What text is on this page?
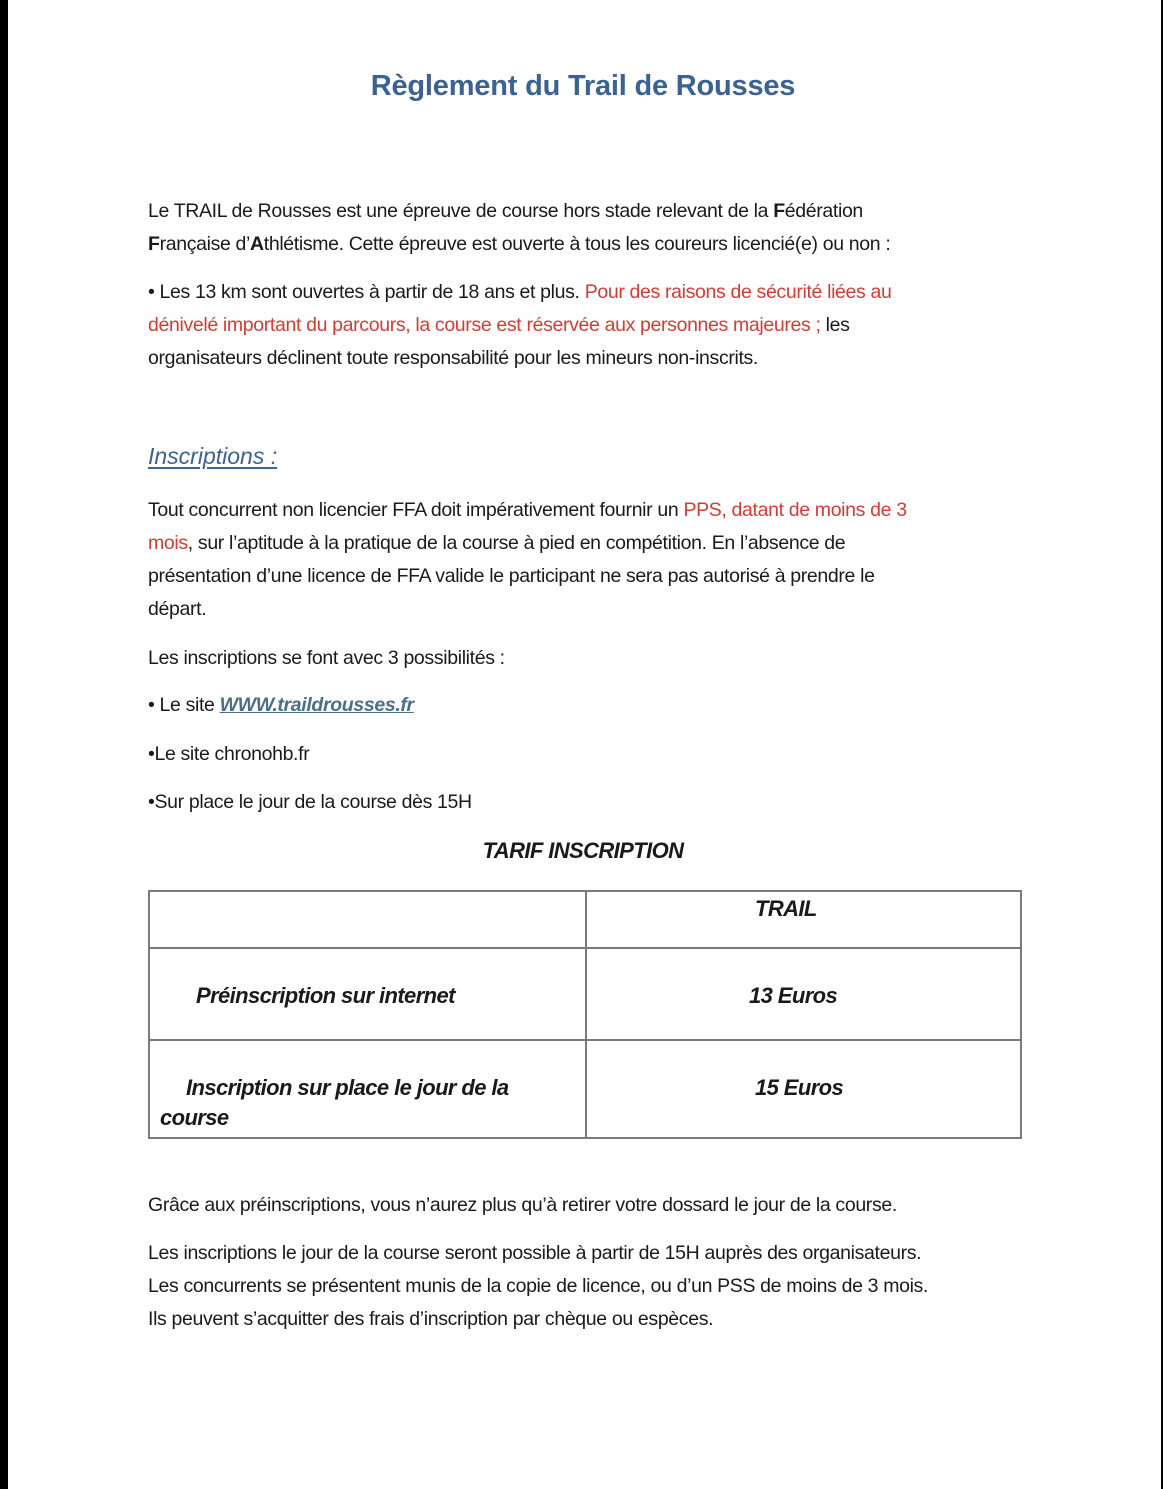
Règlement du Trail de Rousses
Le TRAIL de Rousses est une épreuve de course hors stade relevant de la Fédération
Française d’Athlétisme. Cette épreuve est ouverte à tous les coureurs licencié(e) ou non :
• Les 13 km sont ouvertes à partir de 18 ans et plus. Pour des raisons de sécurité liées au
dénivelé important du parcours, la course est réservée aux personnes majeures ; les
organisateurs déclinent toute responsabilité pour les mineurs non-inscrits.
Inscriptions :
Tout concurrent non licencier FFA doit impérativement fournir un PPS, datant de moins de 3
mois, sur l’aptitude à la pratique de la course à pied en compétition. En l’absence de
présentation d’une licence de FFA valide le participant ne sera pas autorisé à prendre le
départ.
Les inscriptions se font avec 3 possibilités :
• Le site WWW.traildrousses.fr
•Le site chronohb.fr
•Sur place le jour de la course dès 15H
TARIF INSCRIPTION

	TRAIL

Préinscription sur internet	13 Euros

Inscription sur place le jour de la
course	15 Euros
Grâce aux préinscriptions, vous n’aurez plus qu’à retirer votre dossard le jour de la course.
Les inscriptions le jour de la course seront possible à partir de 15H auprès des organisateurs.
Les concurrents se présentent munis de la copie de licence, ou d’un PSS de moins de 3 mois.
Ils peuvent s’acquitter des frais d’inscription par chèque ou espèces.
